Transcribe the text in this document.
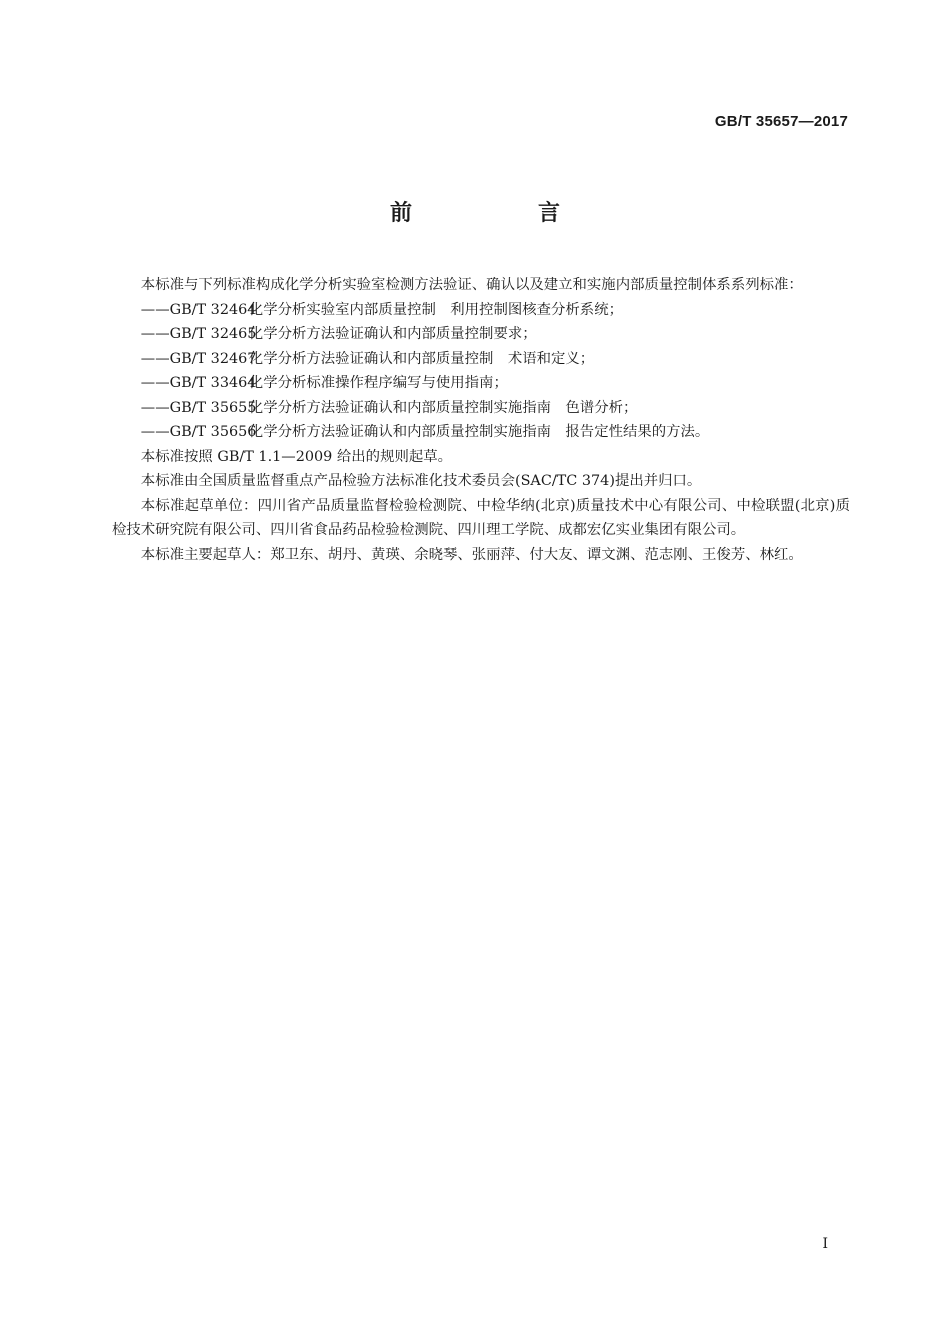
GB/T 35657—2017
前　言

本标准与下列标准构成化学分析实验室检测方法验证、确认以及建立和实施内部质量控制体系系列标准：

——GB/T 32464化学分析实验室内部质量控制 利用控制图核查分析系统；

——GB/T 32465化学分析方法验证确认和内部质量控制要求；

——GB/T 32467化学分析方法验证确认和内部质量控制 术语和定义；

——GB/T 33464化学分析标准操作程序编写与使用指南；

——GB/T 35655化学分析方法验证确认和内部质量控制实施指南 色谱分析；

——GB/T 35656化学分析方法验证确认和内部质量控制实施指南 报告定性结果的方法。

本标准按照 GB/T 1.1—2009 给出的规则起草。

本标准由全国质量监督重点产品检验方法标准化技术委员会(SAC/TC 374)提出并归口。

本标准起草单位：四川省产品质量监督检验检测院、中检华纳(北京)质量技术中心有限公司、中检联盟(北京)质检技术研究院有限公司、四川省食品药品检验检测院、四川理工学院、成都宏亿实业集团有限公司。

本标准主要起草人：郑卫东、胡丹、黄瑛、余晓琴、张丽萍、付大友、谭文渊、范志刚、王俊芳、林红。

I
